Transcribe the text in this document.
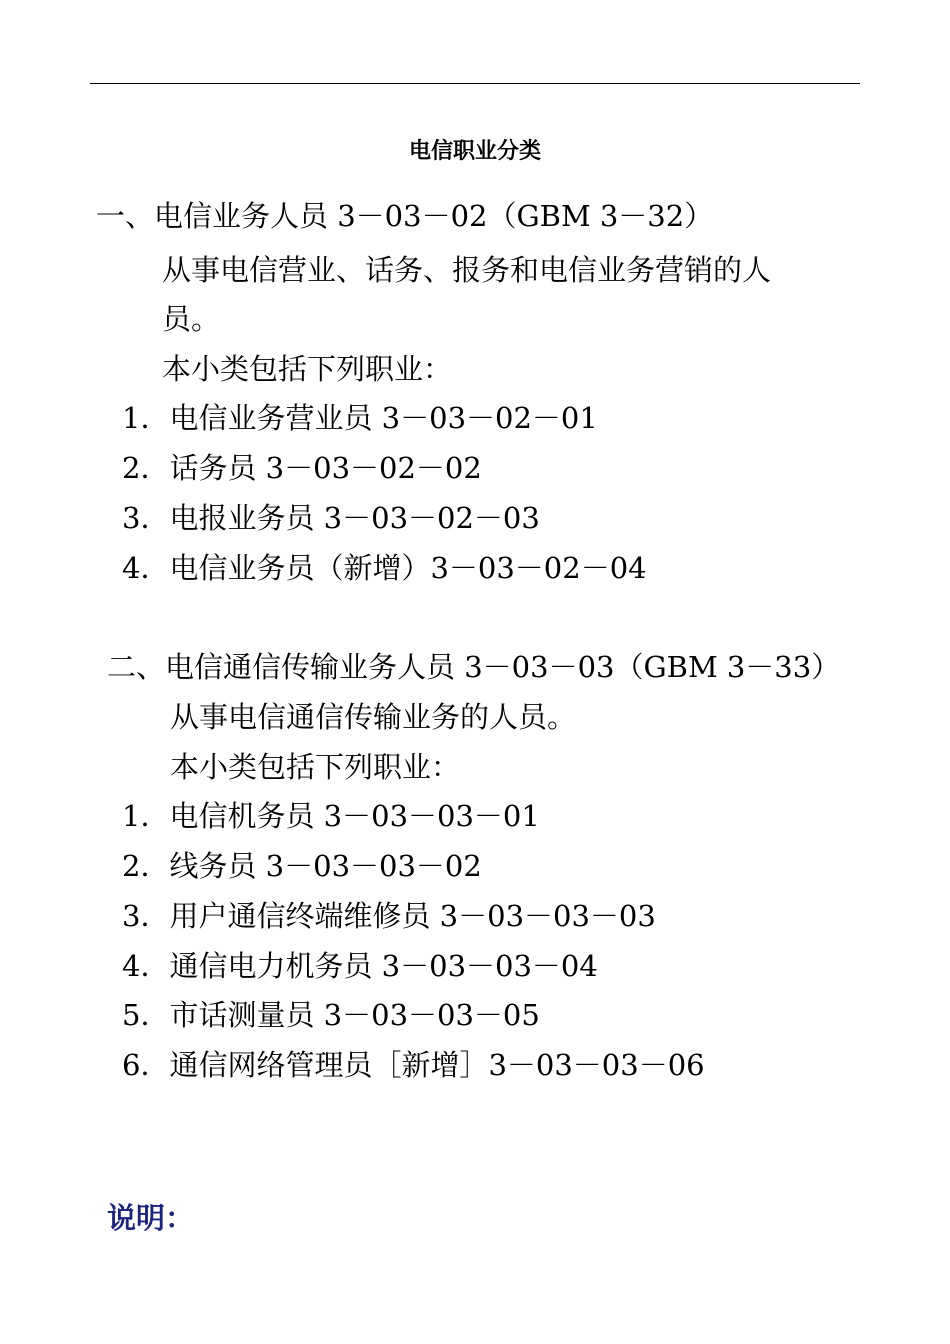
电信职业分类
一、电信业务人员 3－03－02（GBM 3－32）
从事电信营业、话务、报务和电信业务营销的人
员。
本小类包括下列职业：
1．电信业务营业员 3－03－02－01
2．话务员 3－03－02－02
3．电报业务员 3－03－02－03
4．电信业务员（新增）3－03－02－04
二、电信通信传输业务人员 3－03－03（GBM 3－33）
从事电信通信传输业务的人员。
本小类包括下列职业：
1．电信机务员 3－03－03－01
2．线务员 3－03－03－02
3．用户通信终端维修员 3－03－03－03
4．通信电力机务员 3－03－03－04
5．市话测量员 3－03－03－05
6．通信网络管理员［新增］3－03－03－06
说明：
